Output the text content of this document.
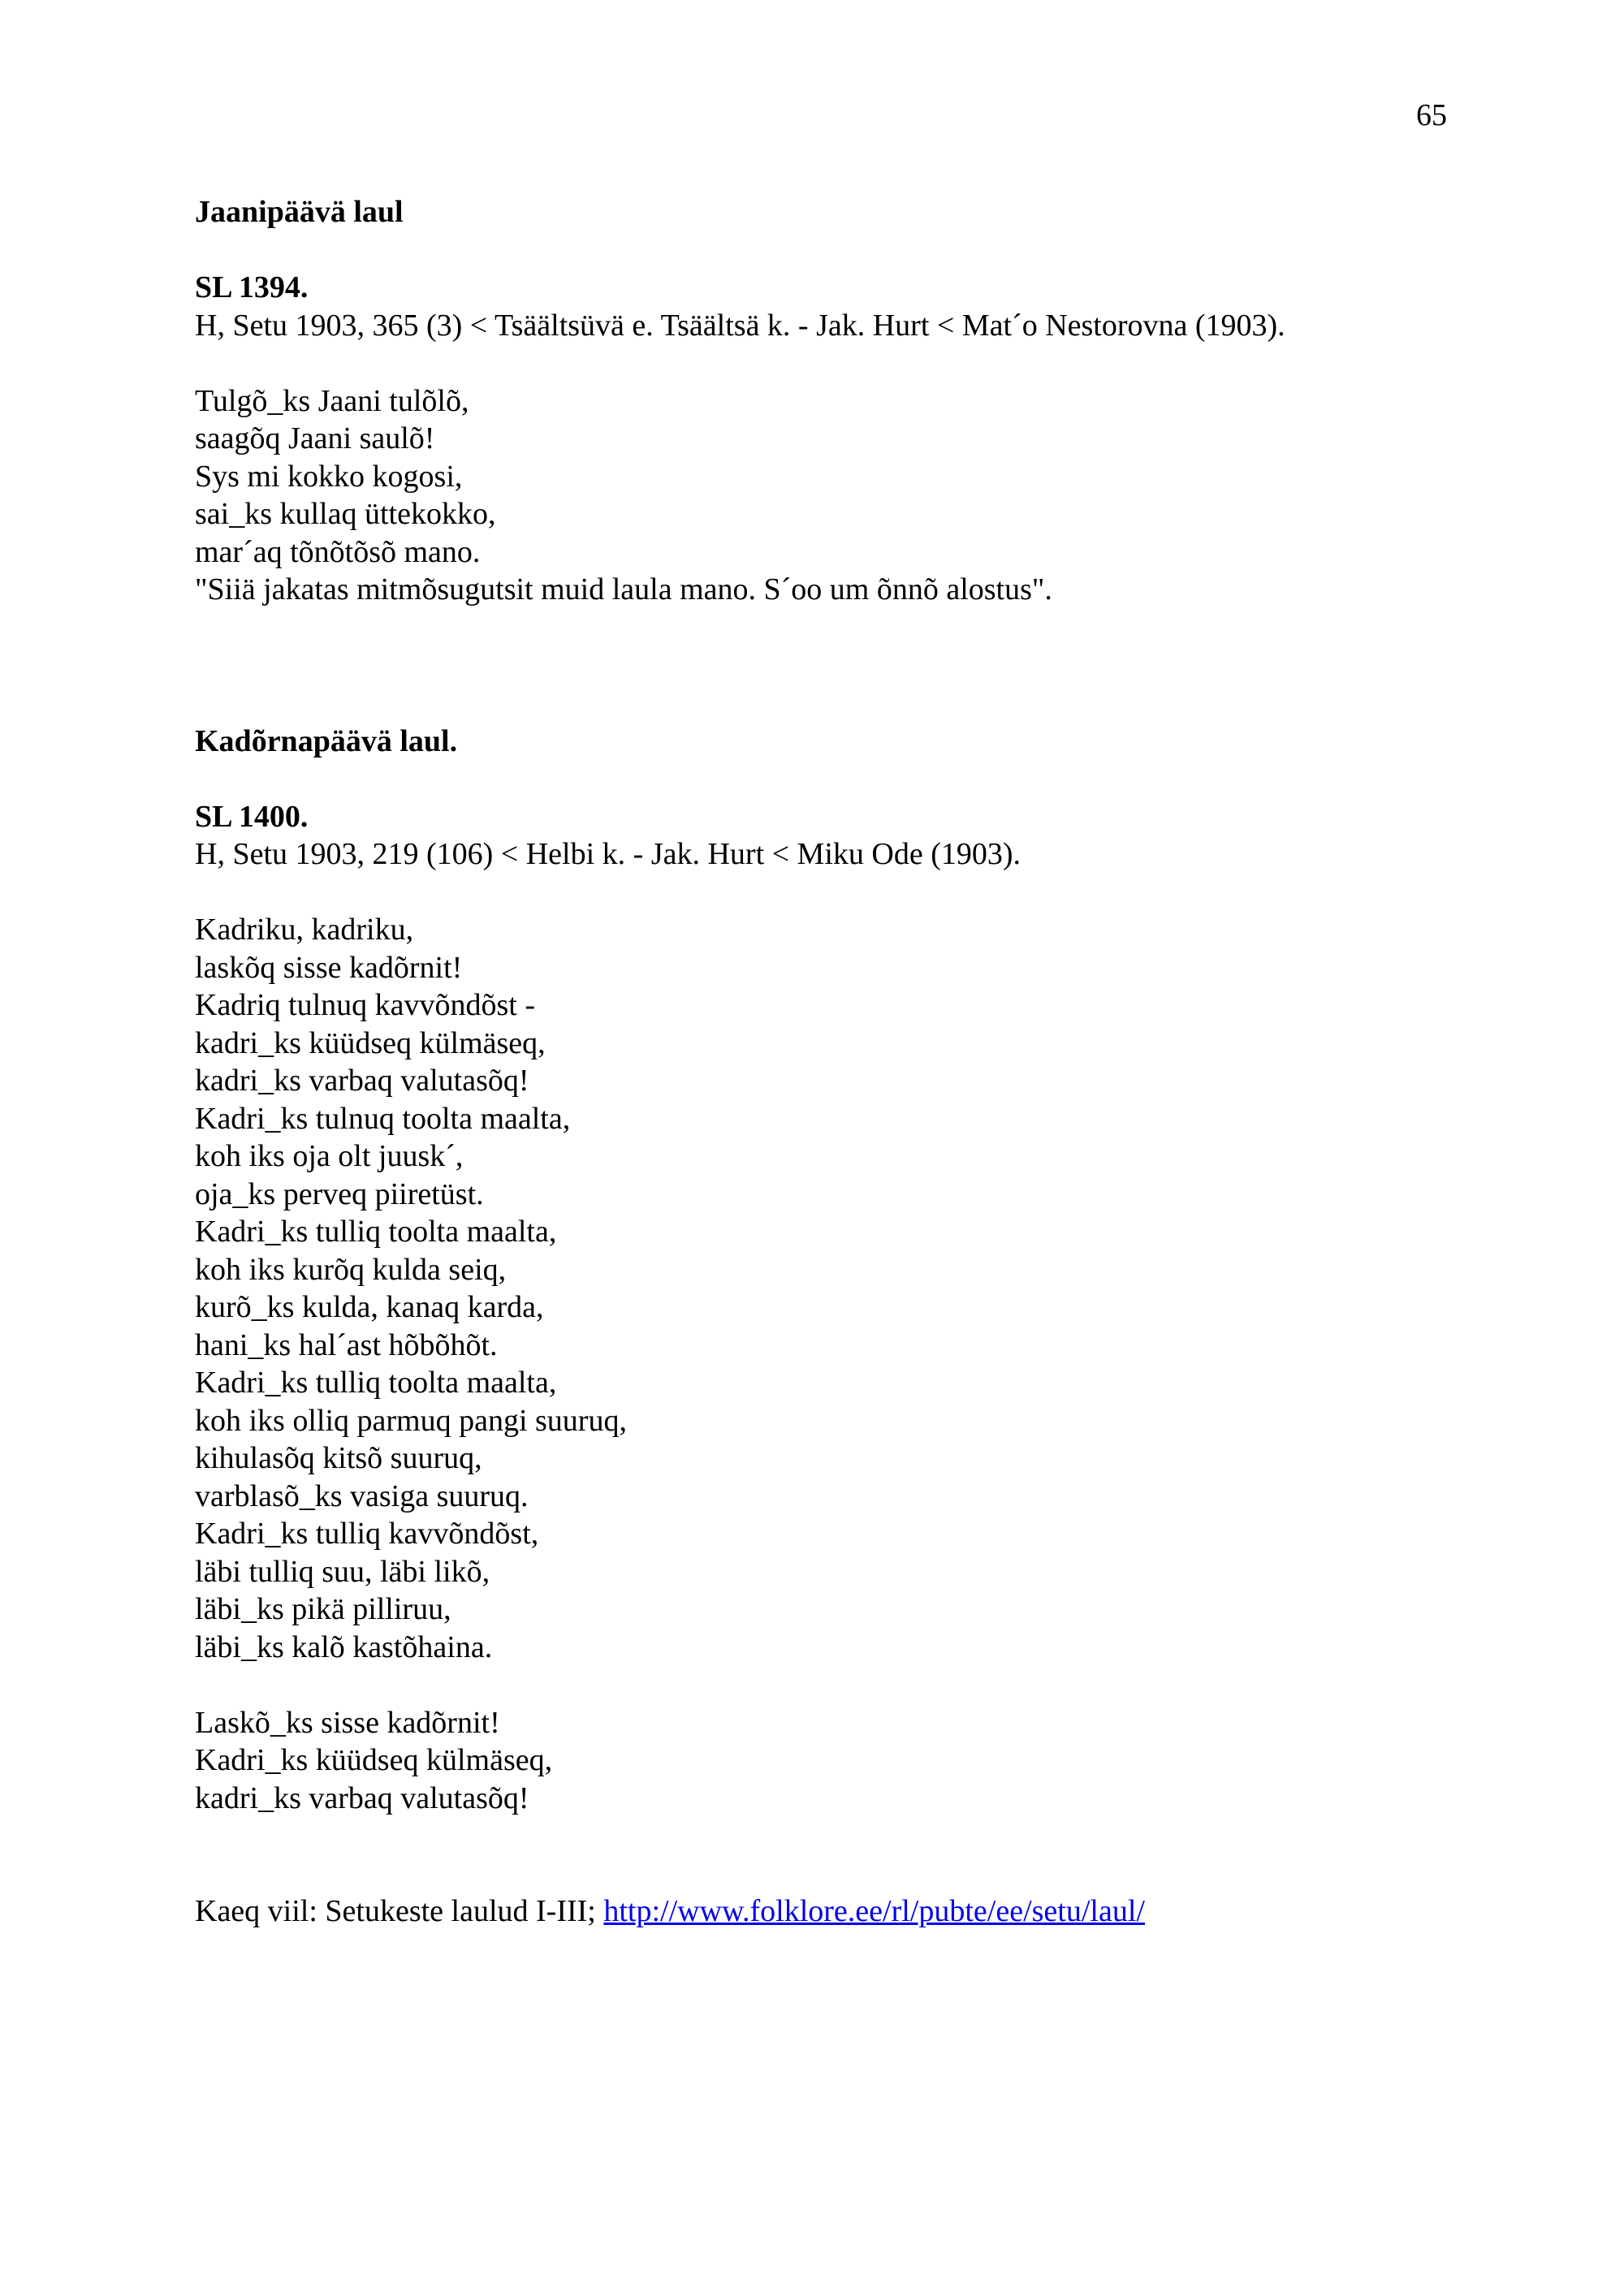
65

Jaanipäävä laul

SL 1394.

H, Setu 1903, 365 (3) < Tsäältsüvä e. Tsäältsä k. - Jak. Hurt < Mat´o Nestorovna (1903).

Tulgõ_ks Jaani tulõlõ,
saagõq Jaani saulõ!
Sys mi kokko kogosi,
sai_ks kullaq üttekokko,
mar´aq tõnõtõsõ mano.
"Siiä jakatas mitmõsugutsit muid laula mano. S´oo um õnnõ alostus".

Kadõrnapäävä laul.

SL 1400.

H, Setu 1903, 219 (106) < Helbi k. - Jak. Hurt < Miku Ode (1903).

Kadriku, kadriku,
laskõq sisse kadõrnit!
Kadriq tulnuq kavvõndõst -
kadri_ks küüdseq külmäseq,
kadri_ks varbaq valutasõq!
Kadri_ks tulnuq toolta maalta,
koh iks oja olt juusk´,
oja_ks perveq piiretüst.
Kadri_ks tulliq toolta maalta,
koh iks kurõq kulda seiq,
kurõ_ks kulda, kanaq karda,
hani_ks hal´ast hõbõhõt.
Kadri_ks tulliq toolta maalta,
koh iks olliq parmuq pangi suuruq,
kihulasõq kitsõ suuruq,
varblasõ_ks vasiga suuruq.
Kadri_ks tulliq kavvõndõst,
läbi tulliq suu, läbi likõ,
läbi_ks pikä pilliruu,
läbi_ks kalõ kastõhaina.
Laskõ_ks sisse kadõrnit!
Kadri_ks küüdseq külmäseq,
kadri_ks varbaq valutasõq!

Kaeq viil: Setukeste laulud I-III; http://www.folklore.ee/rl/pubte/ee/setu/laul/
